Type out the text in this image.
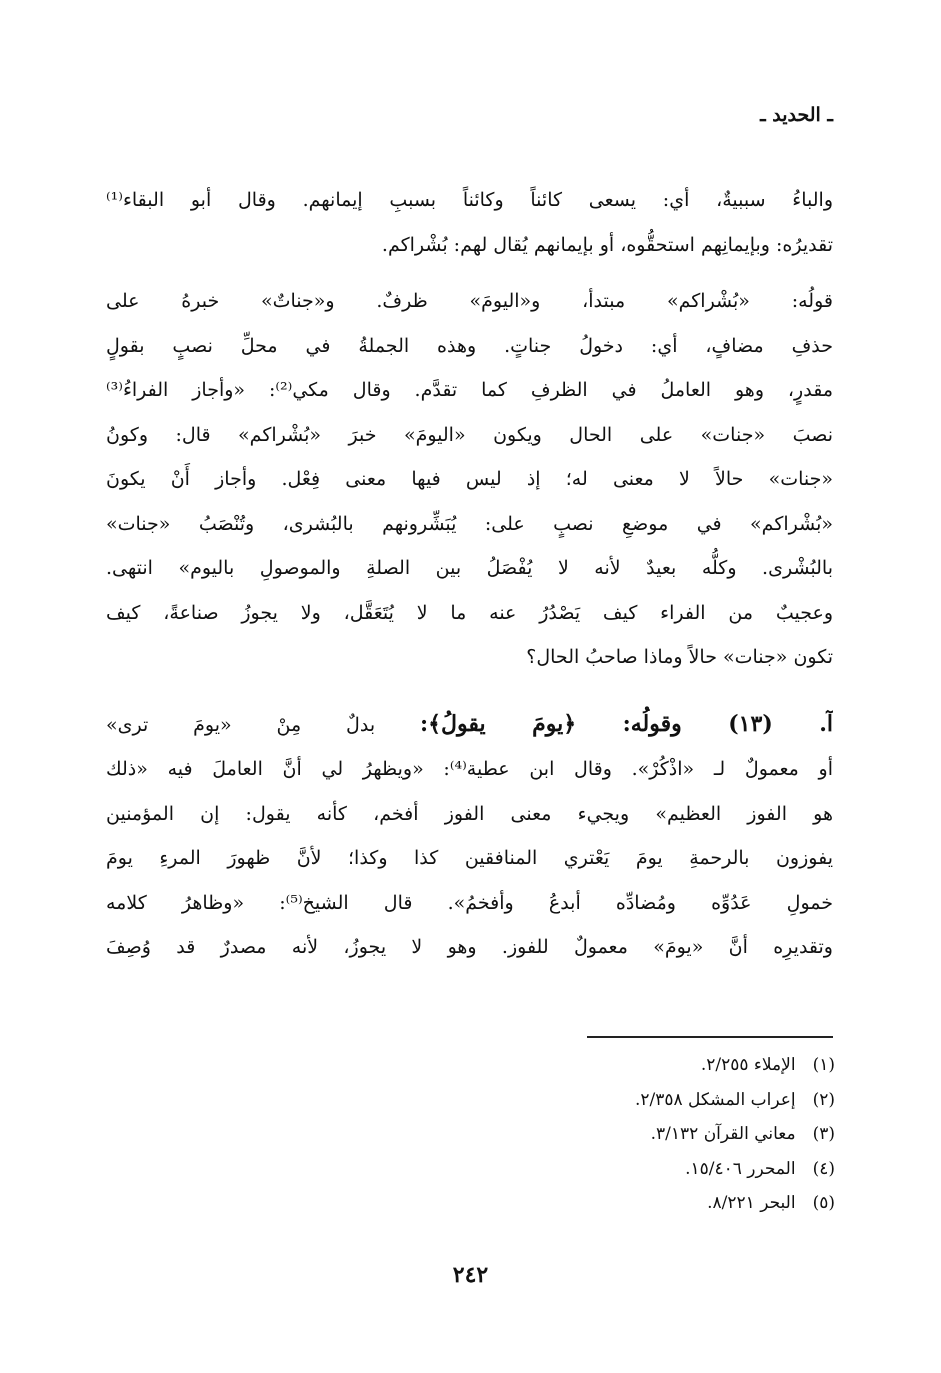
ـ الحديد ـ

والباءُ سببيةٌ، أي: يسعى كائناً وكائناً بسببِ إيمانهم. وقال أبو البقاء⁽¹⁾
تقديرُه: وبإيمانِهم استحقُّوه، أو بإيمانهم يُقال لهم: بُشْراكم.

قولُه: «بُشْراكم» مبتدأ، و«اليومَ» ظرفٌ. و«جناتٌ» خبرهُ على
حذفِ مضافٍ، أي: دخولُ جناتٍ. وهذه الجملةُ في محلِّ نصبٍ بقولٍ
مقدرٍ، وهو العاملُ في الظرفِ كما تقدَّم. وقال مكي⁽²⁾: «وأجاز الفراءُ⁽³⁾
نصبَ «جنات» على الحال ويكون «اليومَ» خبرَ «بُشْراكم» قال: وكونُ
«جنات» حالاً لا معنى له؛ إذ ليس فيها معنى فِعْل. وأجاز أَنْ يكونَ
«بُشْراكم» في موضعِ نصبٍ على: يُبَشِّرونهم بالبُشرى، وتُنْصَبُ «جنات»
بالبُشْرى. وكلُّه بعيدٌ لأنه لا يُفْصَلُ بين الصلةِ والموصولِ باليوم» انتهى.
وعجيبٌ من الفراء كيف يَصْدُرُ عنه ما لا يُتَعَقَّل، ولا يجوزُ صناعةً، كيف
تكون «جنات» حالاً وماذا صاحبُ الحال؟

آ. (١٣) وقولُه: ﴿يومَ يقولُ﴾: بدلٌ مِنْ «يومَ ترى»
أو معمولٌ لـ «اذْكُرْ». وقال ابن عطية⁽⁴⁾: «ويظهرُ لي أنَّ العاملَ فيه «ذلك
هو الفوز العظيم» ويجيء معنى الفوز أفخم، كأنه يقول: إن المؤمنين
يفوزون بالرحمةِ يومَ يَعْتري المنافقين كذا وكذا؛ لأنَّ ظهورَ المرءِ يومَ
خمولِ عَدُوِّه ومُضادِّه أبدعُ وأفخمُ». قال الشيخ⁽⁵⁾: «وظاهرُ كلامه
وتقديرِه أنَّ «يومَ» معمولٌ للفوز. وهو لا يجوزُ، لأنه مصدرٌ قد وُصِفَ

(١) الإملاء ٢/٢٥٥.
(٢) إعراب المشكل ٢/٣٥٨.
(٣) معاني القرآن ٣/١٣٢.
(٤) المحرر ١٥/٤٠٦.
(٥) البحر ٨/٢٢١.
٢٤٢
